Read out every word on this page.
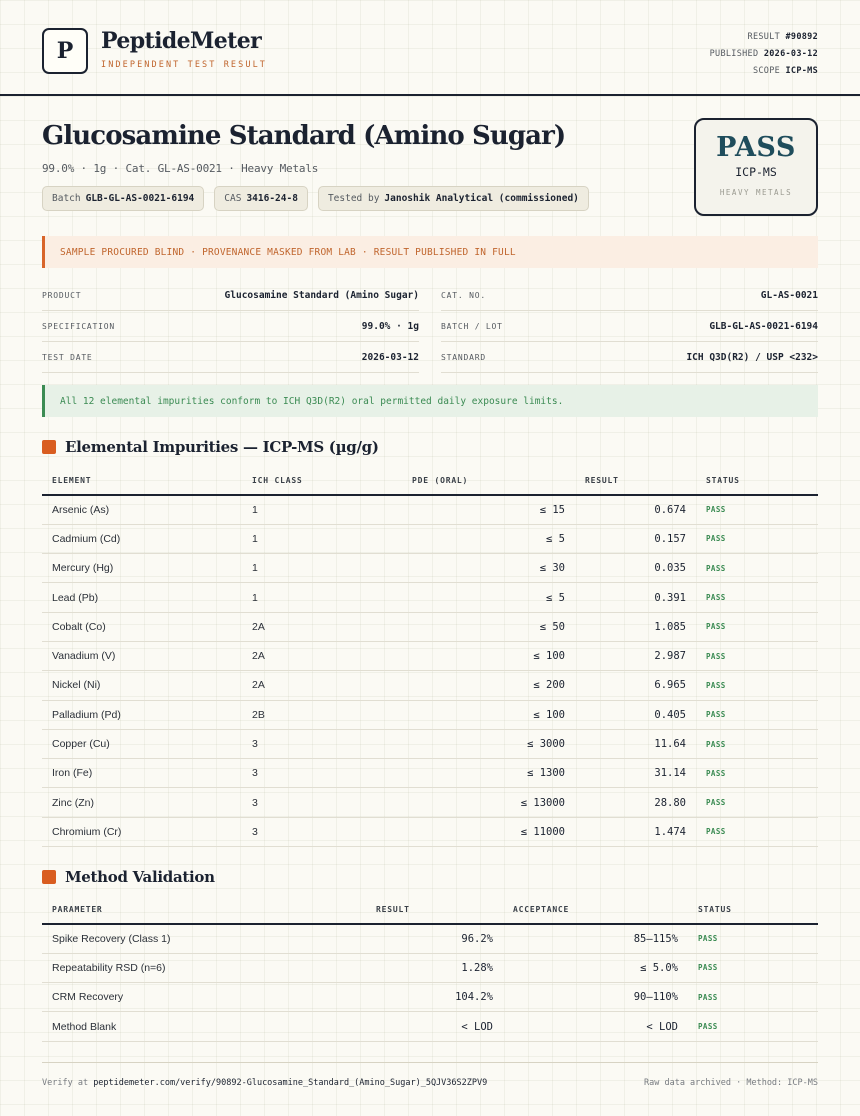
P	PeptideMeter
INDEPENDENT TEST RESULT
RESULT #90892
PUBLISHED 2026-03-12
SCOPE ICP-MS
Glucosamine Standard (Amino Sugar)
99.0% · 1g · Cat. GL-AS-0021 · Heavy Metals
Batch GLB-GL-AS-0021-6194	CAS 3416-24-8	Tested by Janoshik Analytical (commissioned)
PASS
ICP-MS
HEAVY METALS
SAMPLE PROCURED BLIND · PROVENANCE MASKED FROM LAB · RESULT PUBLISHED IN FULL
PRODUCT	Glucosamine Standard (Amino Sugar)	CAT. NO.	GL-AS-0021
SPECIFICATION	99.0% · 1g	BATCH / LOT	GLB-GL-AS-0021-6194
TEST DATE	2026-03-12	STANDARD	ICH Q3D(R2) / USP <232>
All 12 elemental impurities conform to ICH Q3D(R2) oral permitted daily exposure limits.
Elemental Impurities — ICP-MS (µg/g)
ELEMENT	ICH CLASS	PDE (ORAL)	RESULT	STATUS
Arsenic (As)	1	≤ 15	0.674	PASS
Cadmium (Cd)	1	≤ 5	0.157	PASS
Mercury (Hg)	1	≤ 30	0.035	PASS
Lead (Pb)	1	≤ 5	0.391	PASS
Cobalt (Co)	2A	≤ 50	1.085	PASS
Vanadium (V)	2A	≤ 100	2.987	PASS
Nickel (Ni)	2A	≤ 200	6.965	PASS
Palladium (Pd)	2B	≤ 100	0.405	PASS
Copper (Cu)	3	≤ 3000	11.64	PASS
Iron (Fe)	3	≤ 1300	31.14	PASS
Zinc (Zn)	3	≤ 13000	28.80	PASS
Chromium (Cr)	3	≤ 11000	1.474	PASS
Method Validation
PARAMETER	RESULT	ACCEPTANCE	STATUS
Spike Recovery (Class 1)	96.2%	85–115%	PASS
Repeatability RSD (n=6)	1.28%	≤ 5.0%	PASS
CRM Recovery	104.2%	90–110%	PASS
Method Blank	< LOD	< LOD	PASS
Verify at peptidemeter.com/verify/90892-Glucosamine_Standard_(Amino_Sugar)_5QJV36S2ZPV9	Raw data archived · Method: ICP-MS
